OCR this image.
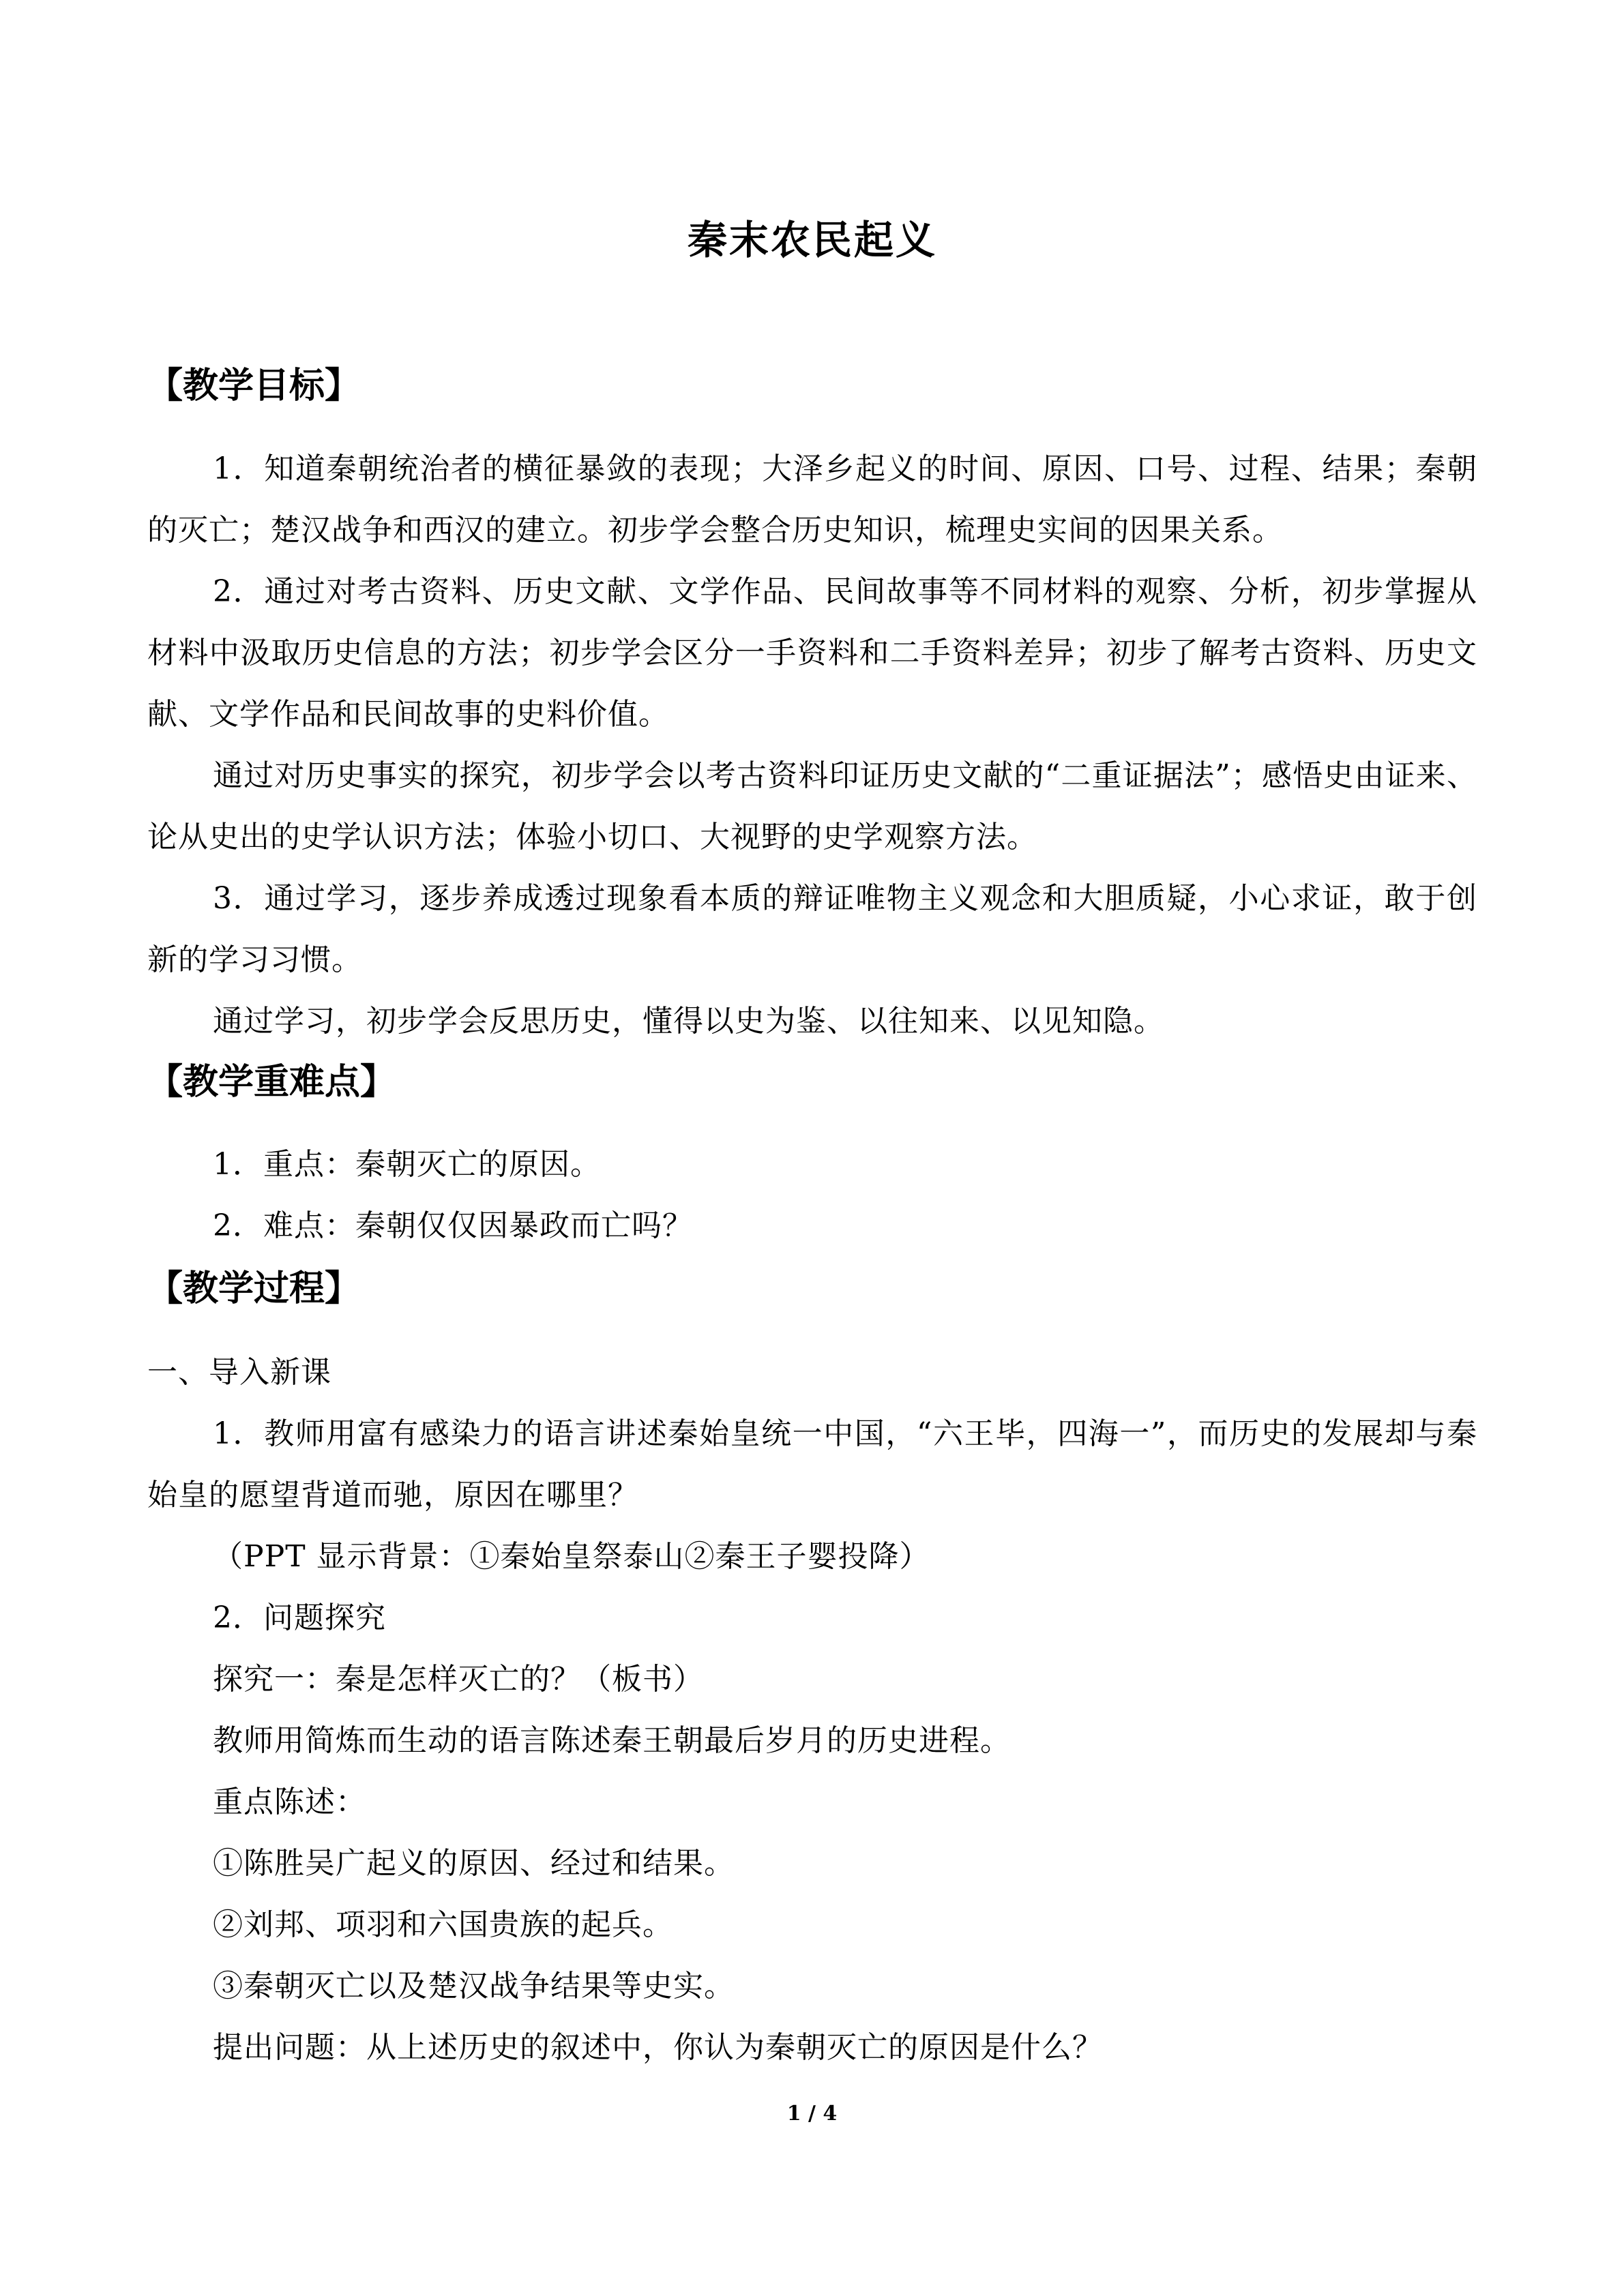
秦末农民起义
【教学目标】
1．知道秦朝统治者的横征暴敛的表现；大泽乡起义的时间、原因、口号、过程、结果；秦朝的灭亡；楚汉战争和西汉的建立。初步学会整合历史知识，梳理史实间的因果关系。
2．通过对考古资料、历史文献、文学作品、民间故事等不同材料的观察、分析，初步掌握从材料中汲取历史信息的方法；初步学会区分一手资料和二手资料差异；初步了解考古资料、历史文献、文学作品和民间故事的史料价值。
通过对历史事实的探究，初步学会以考古资料印证历史文献的“二重证据法”；感悟史由证来、论从史出的史学认识方法；体验小切口、大视野的史学观察方法。
3．通过学习，逐步养成透过现象看本质的辩证唯物主义观念和大胆质疑，小心求证，敢于创新的学习习惯。
通过学习，初步学会反思历史，懂得以史为鉴、以往知来、以见知隐。
【教学重难点】
1．重点：秦朝灭亡的原因。
2．难点：秦朝仅仅因暴政而亡吗？
【教学过程】
一、导入新课
1．教师用富有感染力的语言讲述秦始皇统一中国，“六王毕，四海一”，而历史的发展却与秦始皇的愿望背道而驰，原因在哪里？
（PPT 显示背景：①秦始皇祭泰山②秦王子婴投降）
2．问题探究
探究一：秦是怎样灭亡的？（板书）
教师用简炼而生动的语言陈述秦王朝最后岁月的历史进程。
重点陈述：
①陈胜吴广起义的原因、经过和结果。
②刘邦、项羽和六国贵族的起兵。
③秦朝灭亡以及楚汉战争结果等史实。
提出问题：从上述历史的叙述中，你认为秦朝灭亡的原因是什么？
1 / 4
